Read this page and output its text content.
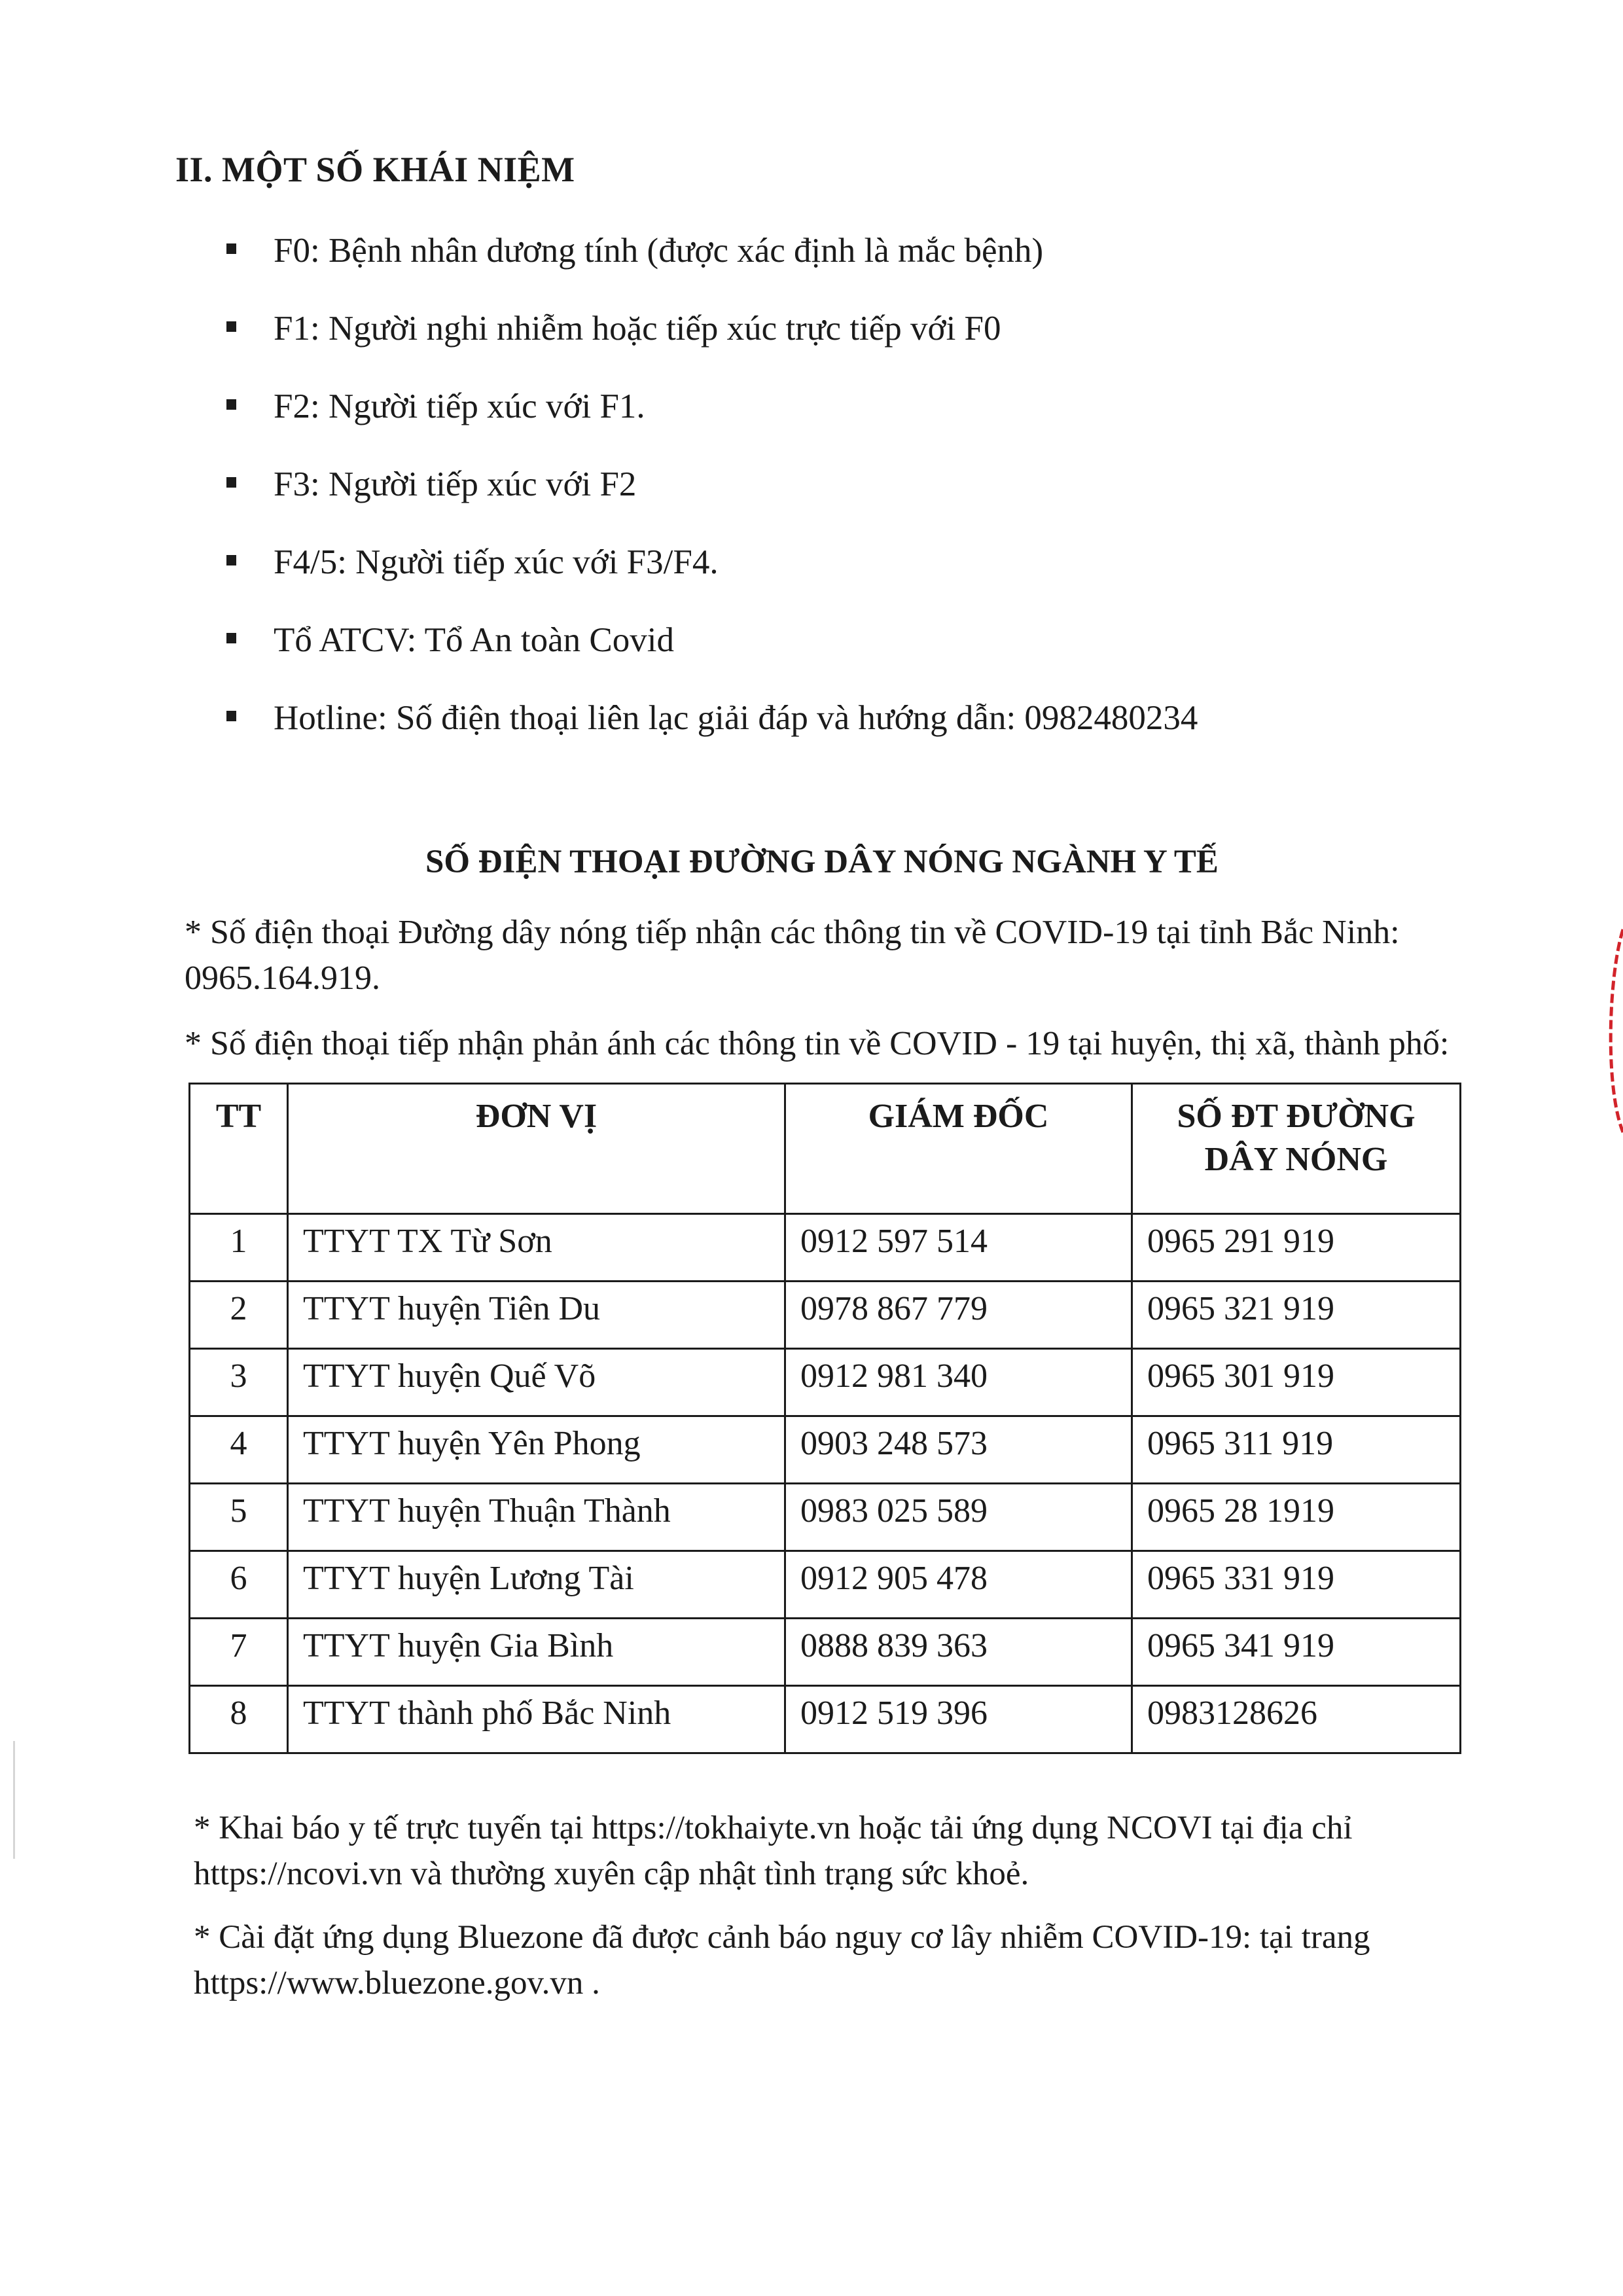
II. MỘT SỐ KHÁI NIỆM
F0: Bệnh nhân dương tính (được xác định là mắc bệnh)
F1: Người nghi nhiễm hoặc tiếp xúc trực tiếp với F0
F2: Người tiếp xúc với F1.
F3: Người tiếp xúc với F2
F4/5: Người tiếp xúc với F3/F4.
Tổ ATCV: Tổ An toàn Covid
Hotline: Số điện thoại liên lạc giải đáp và hướng dẫn: 0982480234
SỐ ĐIỆN THOẠI ĐƯỜNG DÂY NÓNG NGÀNH Y TẾ
* Số điện thoại Đường dây nóng tiếp nhận các thông tin về COVID-19 tại tỉnh Bắc Ninh:
0965.164.919.
* Số điện thoại tiếp nhận phản ánh các thông tin về COVID - 19 tại huyện, thị xã, thành phố:
TT	ĐƠN VỊ	GIÁM ĐỐC	SỐ ĐT ĐƯỜNG
DÂY NÓNG

1	TTYT TX Từ Sơn	0912 597 514	0965 291 919
2	TTYT huyện Tiên Du	0978 867 779	0965 321 919
3	TTYT huyện Quế Võ	0912 981 340	0965 301 919
4	TTYT huyện Yên Phong	0903 248 573	0965 311 919
5	TTYT huyện Thuận Thành	0983 025 589	0965 28 1919
6	TTYT huyện Lương Tài	0912 905 478	0965 331 919
7	TTYT huyện Gia Bình	0888 839 363	0965 341 919
8	TTYT thành phố Bắc Ninh	0912 519 396	0983128626
* Khai báo y tế trực tuyến tại https://tokhaiyte.vn hoặc tải ứng dụng NCOVI tại địa chỉ
https://ncovi.vn và thường xuyên cập nhật tình trạng sức khoẻ.
* Cài đặt ứng dụng Bluezone đã được cảnh báo nguy cơ lây nhiễm COVID-19: tại trang
https://www.bluezone.gov.vn .
